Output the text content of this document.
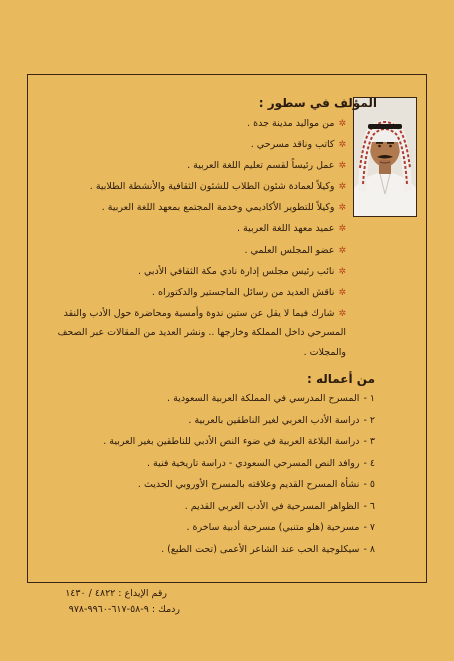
المؤلف في سطور :
✲من مواليد مدينة جدة .
✲كاتب وناقد مسرحي .
✲عمل رئيساً لقسم تعليم اللغة العربية .
✲وكيلاً لعمادة شئون الطلاب للشئون الثقافية والأنشطة الطلابية .
✲وكيلاً للتطوير الأكاديمي وخدمة المجتمع بمعهد اللغة العربية .
✲عميد معهد اللغة العربية .
✲عضو المجلس العلمي .
✲نائب رئيس مجلس إدارة نادي مكة الثقافي الأدبي .
✲ناقش العديد من رسائل الماجستير والدكتوراه .
✲شارك فيما لا يقل عن ستين ندوة وأمسية ومحاضرة حول الأدب والنقد المسرحي داخل المملكة وخارجها .. ونشر العديد من المقالات عبر الصحف والمجلات .
من أعماله :
١ -المسرح المدرسي في المملكة العربية السعودية .
٢ -دراسة الأدب العربي لغير الناطقين بالعربية .
٣ -دراسة البلاغة العربية في ضوء النص الأدبي للناطقين بغير العربية .
٤ -روافد النص المسرحي السعودي - دراسة تاريخية فنية .
٥ -نشأة المسرح القديم وعلاقته بالمسرح الأوروبي الحديث .
٦ -الظواهر المسرحية في الأدب العربي القديم .
٧ -مسرحية (هلو متنبي) مسرحية أدبية ساخرة .
٨ -سيكلوجية الحب عند الشاعر الأعمى (تحت الطبع) .
رقم الإيداع : ٤٨٢٢ / ١٤٣٠
ردمك : ٩-٥٨-٦١٧-٩٩٦٠-٩٧٨
